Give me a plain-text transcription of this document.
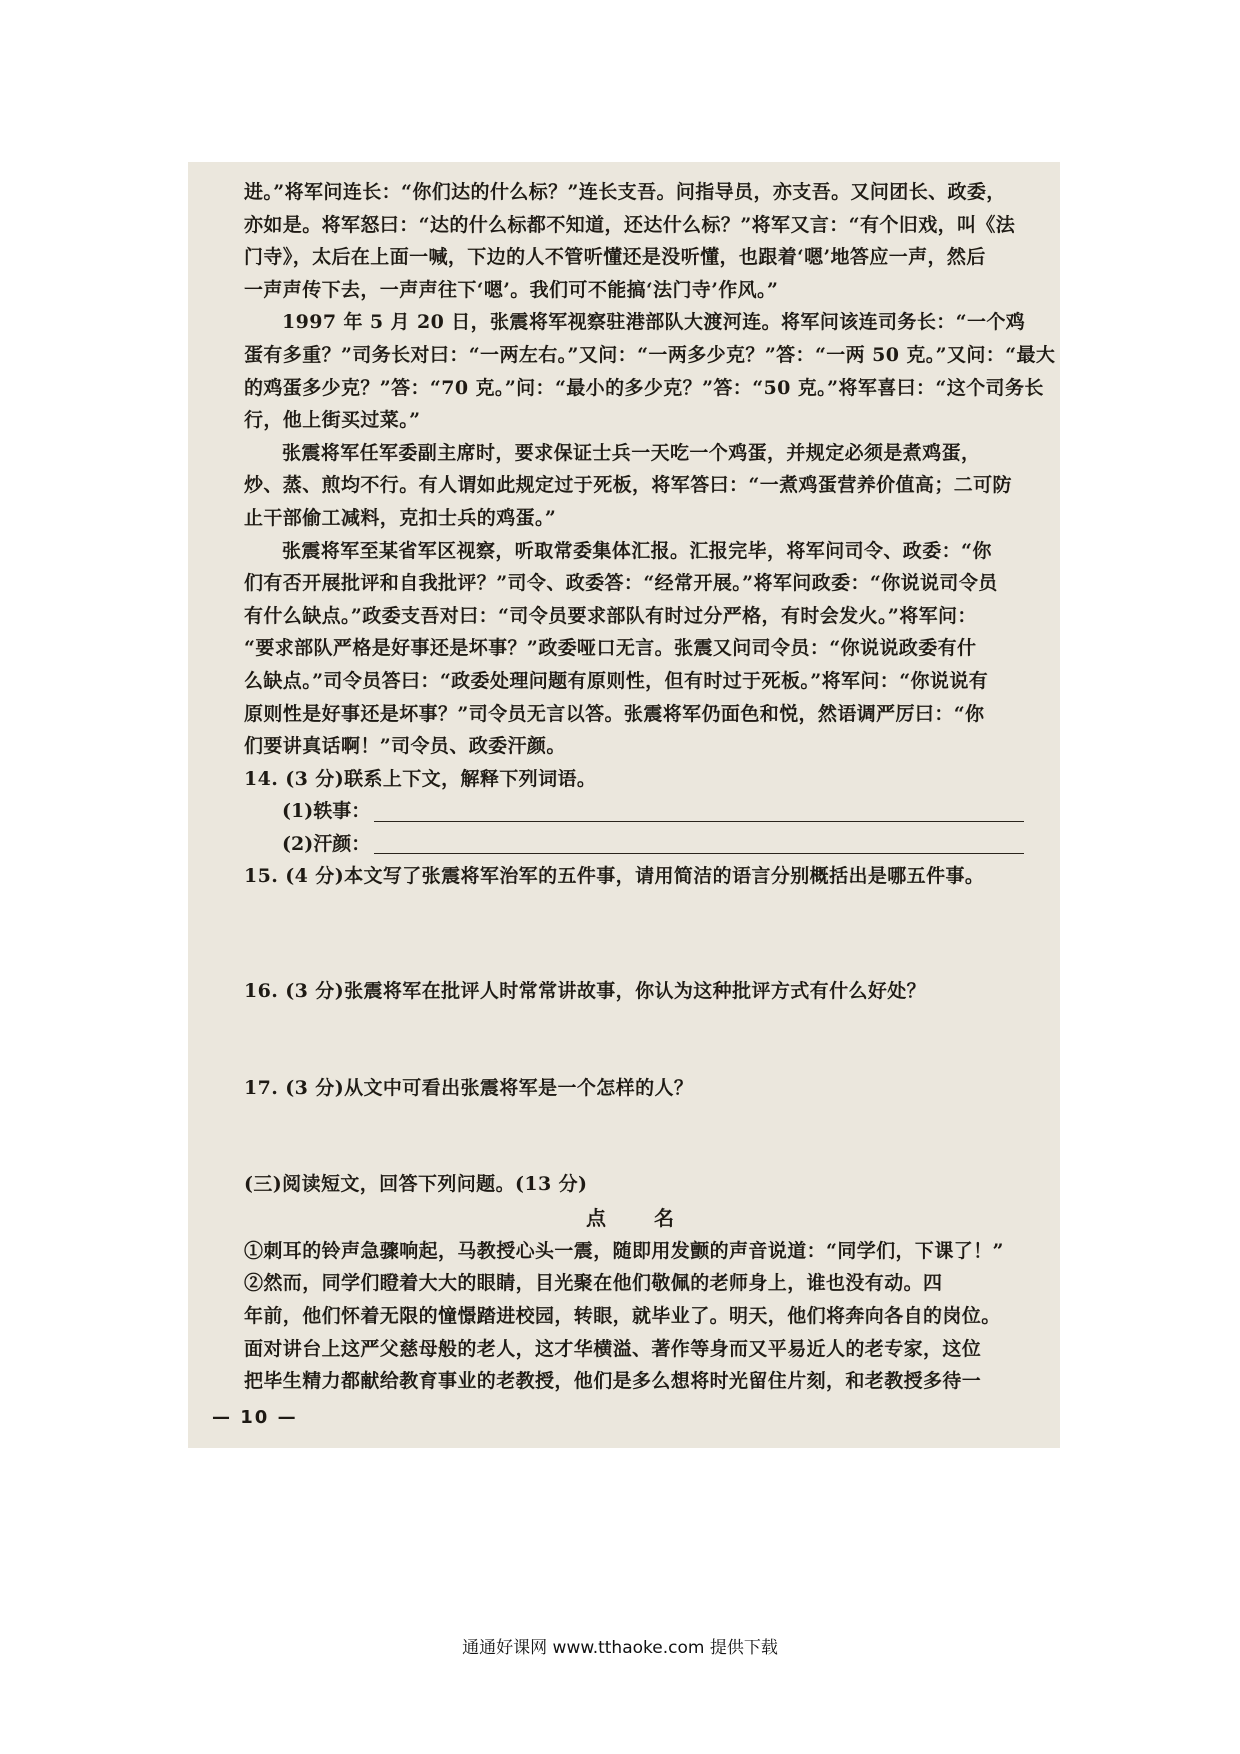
进。”将军问连长：“你们达的什么标？”连长支吾。问指导员，亦支吾。又问团长、政委，

亦如是。将军怒曰：“达的什么标都不知道，还达什么标？”将军又言：“有个旧戏，叫《法

门寺》，太后在上面一喊，下边的人不管听懂还是没听懂，也跟着‘嗯’地答应一声，然后

一声声传下去，一声声往下‘嗯’。我们可不能搞‘法门寺’作风。”

1997 年 5 月 20 日，张震将军视察驻港部队大渡河连。将军问该连司务长：“一个鸡

蛋有多重？”司务长对曰：“一两左右。”又问：“一两多少克？”答：“一两 50 克。”又问：“最大

的鸡蛋多少克？”答：“70 克。”问：“最小的多少克？”答：“50 克。”将军喜曰：“这个司务长

行，他上街买过菜。”

张震将军任军委副主席时，要求保证士兵一天吃一个鸡蛋，并规定必须是煮鸡蛋，

炒、蒸、煎均不行。有人谓如此规定过于死板，将军答曰：“一煮鸡蛋营养价值高；二可防

止干部偷工减料，克扣士兵的鸡蛋。”

张震将军至某省军区视察，听取常委集体汇报。汇报完毕，将军问司令、政委：“你

们有否开展批评和自我批评？”司令、政委答：“经常开展。”将军问政委：“你说说司令员

有什么缺点。”政委支吾对曰：“司令员要求部队有时过分严格，有时会发火。”将军问：

“要求部队严格是好事还是坏事？”政委哑口无言。张震又问司令员：“你说说政委有什

么缺点。”司令员答曰：“政委处理问题有原则性，但有时过于死板。”将军问：“你说说有

原则性是好事还是坏事？”司令员无言以答。张震将军仍面色和悦，然语调严厉曰：“你

们要讲真话啊！”司令员、政委汗颜。

14. (3 分)联系上下文，解释下列词语。

(1)轶事：
(2)汗颜：

15. (4 分)本文写了张震将军治军的五件事，请用简洁的语言分别概括出是哪五件事。

16. (3 分)张震将军在批评人时常常讲故事，你认为这种批评方式有什么好处？

17. (3 分)从文中可看出张震将军是一个怎样的人？

(三)阅读短文，回答下列问题。(13 分)

点名

①刺耳的铃声急骤响起，马教授心头一震，随即用发颤的声音说道：“同学们，下课了！”

②然而，同学们瞪着大大的眼睛，目光聚在他们敬佩的老师身上，谁也没有动。四

年前，他们怀着无限的憧憬踏进校园，转眼，就毕业了。明天，他们将奔向各自的岗位。

面对讲台上这严父慈母般的老人，这才华横溢、著作等身而又平易近人的老专家，这位

把毕生精力都献给教育事业的老教授，他们是多么想将时光留住片刻，和老教授多待一

— 10 —
通通好课网 www.tthaoke.com 提供下载
